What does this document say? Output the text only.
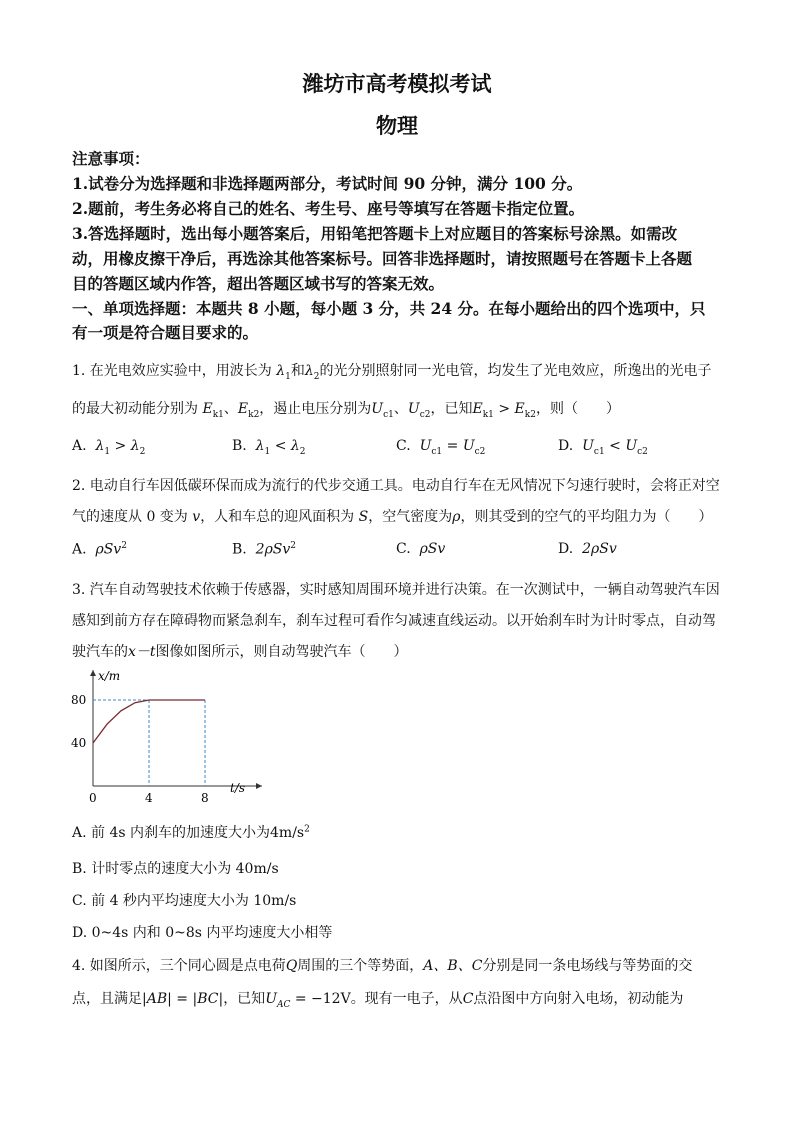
潍坊市高考模拟考试
物理
注意事项：
1.试卷分为选择题和非选择题两部分，考试时间 90 分钟，满分 100 分。
2.题前，考生务必将自己的姓名、考生号、座号等填写在答题卡指定位置。
3.答选择题时，选出每小题答案后，用铅笔把答题卡上对应题目的答案标号涂黑。如需改
动，用橡皮擦干净后，再选涂其他答案标号。回答非选择题时，请按照题号在答题卡上各题
目的答题区域内作答，超出答题区域书写的答案无效。
一、单项选择题：本题共 8 小题，每小题 3 分，共 24 分。在每小题给出的四个选项中，只
有一项是符合题目要求的。
1. 在光电效应实验中，用波长为 $\lambda_1$和$\lambda_2$的光分别照射同一光电管，均发生了光电效应，所逸出的光电子
的最大初动能分别为 $E_{k1}$、$E_{k2}$，遏止电压分别为$U_{c1}$、$U_{c2}$，已知$E_{k1} > E_{k2}$，则（　　）
A. $\lambda_1 > \lambda_2$	B. $\lambda_1 < \lambda_2$	C. $U_{c1} = U_{c2}$	D. $U_{c1} < U_{c2}$
2. 电动自行车因低碳环保而成为流行的代步交通工具。电动自行车在无风情况下匀速行驶时，会将正对空
气的速度从 0 变为 v，人和车总的迎风面积为 S，空气密度为ρ，则其受到的空气的平均阻力为（　　）
A. ρSv$^2$	B. 2ρSv$^2$	C. ρSv	D. 2ρSv
3. 汽车自动驾驶技术依赖于传感器，实时感知周围环境并进行决策。在一次测试中，一辆自动驾驶汽车因
感知到前方存在障碍物而紧急刹车，刹车过程可看作匀减速直线运动。以开始刹车时为计时零点，自动驾
驶汽车的x－t图像如图所示，则自动驾驶汽车（　　）
x/m
t/s
0	4	8
40
80
A. 前 4s 内刹车的加速度大小为$4m/s^2$
B. 计时零点的速度大小为 40m/s
C. 前 4 秒内平均速度大小为 10m/s
D. 0~4s 内和 0~8s 内平均速度大小相等
4. 如图所示，三个同心圆是点电荷Q周围的三个等势面，A、B、C分别是同一条电场线与等势面的交
点，且满足|AB| = |BC|，已知$U_{AC} = -12V$。现有一电子，从C点沿图中方向射入电场，初动能为
